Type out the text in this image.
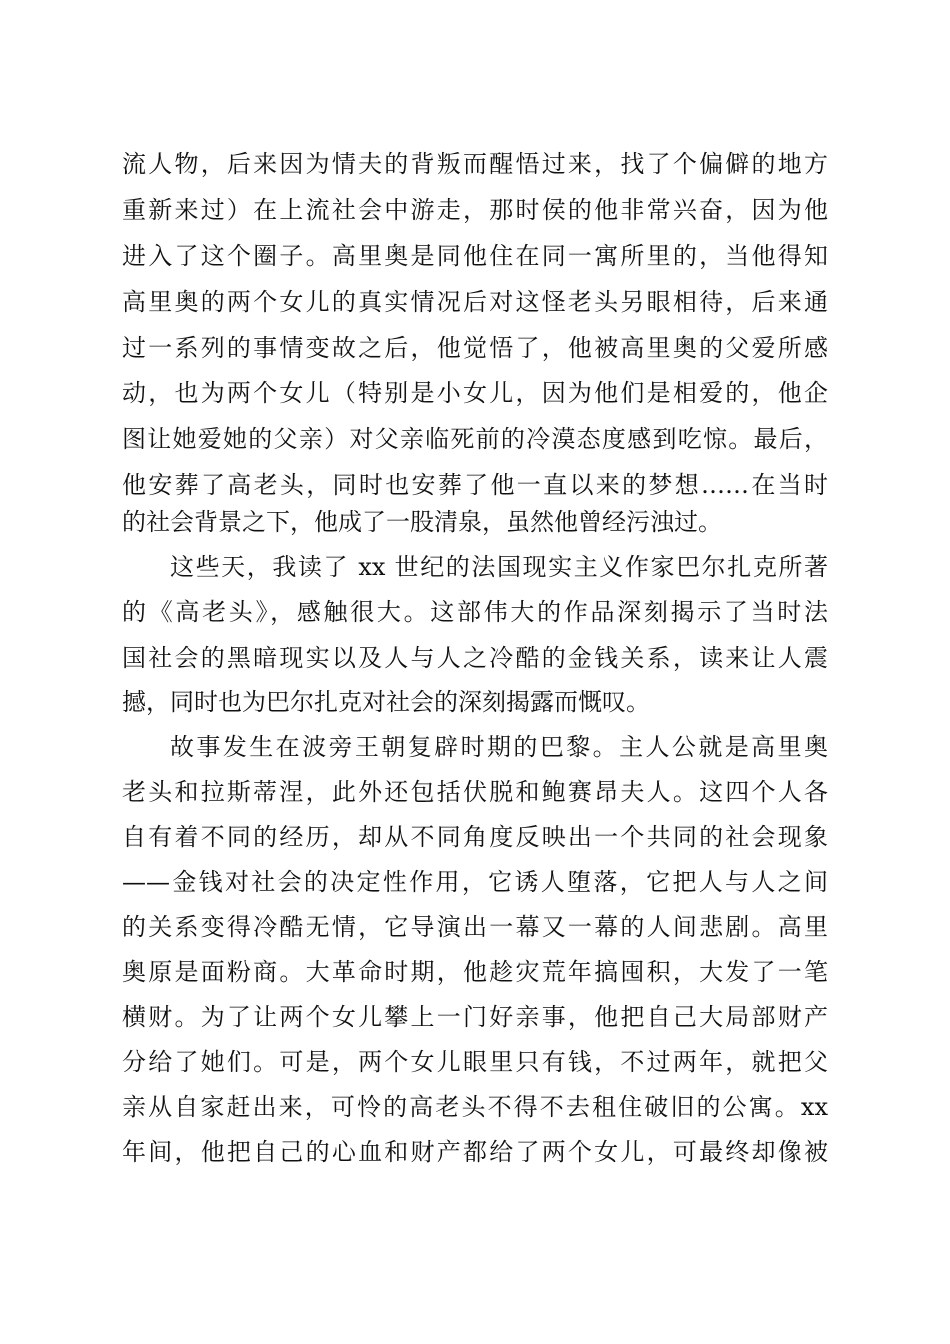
流人物，后来因为情夫的背叛而醒悟过来，找了个偏僻的地方
重新来过）在上流社会中游走，那时侯的他非常兴奋，因为他
进入了这个圈子。高里奥是同他住在同一寓所里的，当他得知
高里奥的两个女儿的真实情况后对这怪老头另眼相待，后来通
过一系列的事情变故之后，他觉悟了，他被高里奥的父爱所感
动，也为两个女儿（特别是小女儿，因为他们是相爱的，他企
图让她爱她的父亲）对父亲临死前的冷漠态度感到吃惊。最后，
他安葬了高老头，同时也安葬了他一直以来的梦想……在当时
的社会背景之下，他成了一股清泉，虽然他曾经污浊过。
这些天，我读了 xx 世纪的法国现实主义作家巴尔扎克所著
的《高老头》，感触很大。这部伟大的作品深刻揭示了当时法
国社会的黑暗现实以及人与人之冷酷的金钱关系，读来让人震
撼，同时也为巴尔扎克对社会的深刻揭露而慨叹。
故事发生在波旁王朝复辟时期的巴黎。主人公就是高里奥
老头和拉斯蒂涅，此外还包括伏脱和鲍赛昂夫人。这四个人各
自有着不同的经历，却从不同角度反映出一个共同的社会现象
——金钱对社会的决定性作用，它诱人堕落，它把人与人之间
的关系变得冷酷无情，它导演出一幕又一幕的人间悲剧。高里
奥原是面粉商。大革命时期，他趁灾荒年搞囤积，大发了一笔
横财。为了让两个女儿攀上一门好亲事，他把自己大局部财产
分给了她们。可是，两个女儿眼里只有钱，不过两年，就把父
亲从自家赶出来，可怜的高老头不得不去租住破旧的公寓。xx
年间，他把自己的心血和财产都给了两个女儿，可最终却像被
